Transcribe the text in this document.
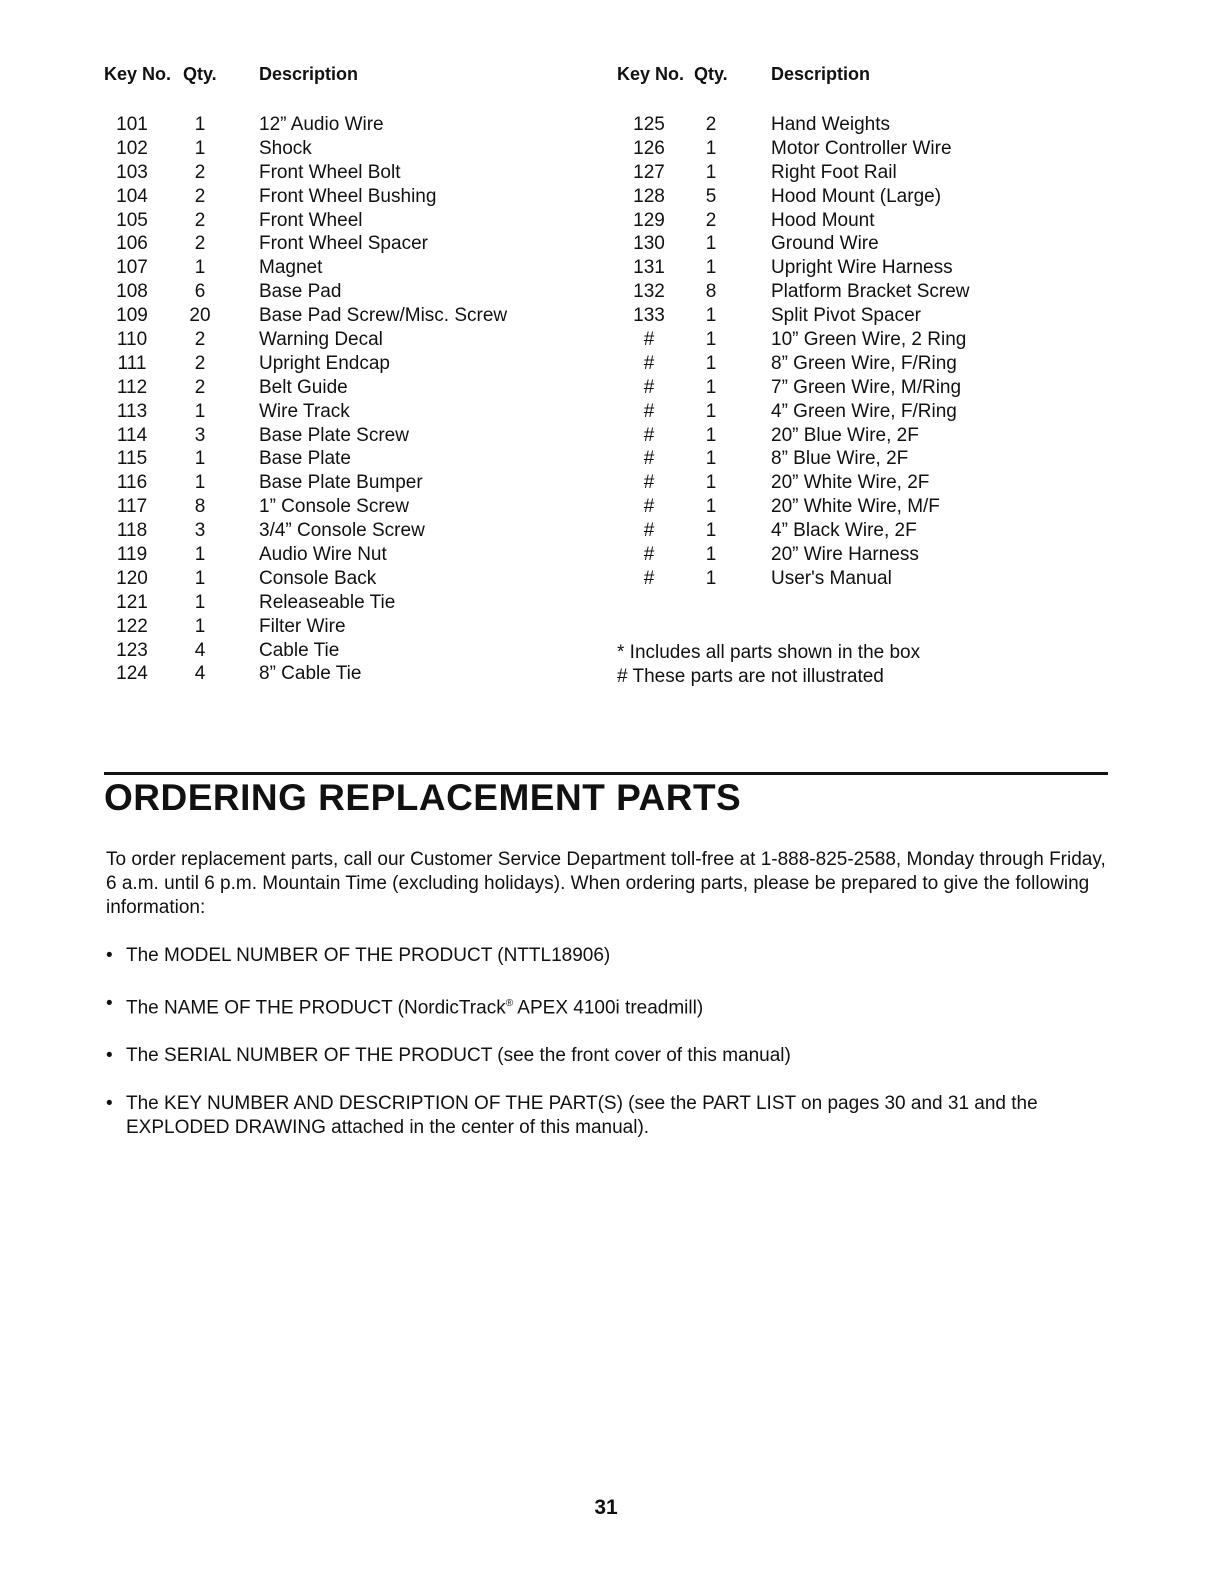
Key No. Qty. Description
101	1	12” Audio Wire
102	1	Shock
103	2	Front Wheel Bolt
104	2	Front Wheel Bushing
105	2	Front Wheel
106	2	Front Wheel Spacer
107	1	Magnet
108	6	Base Pad
109	20	Base Pad Screw/Misc. Screw
110	2	Warning Decal
111	2	Upright Endcap
112	2	Belt Guide
113	1	Wire Track
114	3	Base Plate Screw
115	1	Base Plate
116	1	Base Plate Bumper
117	8	1” Console Screw
118	3	3/4” Console Screw
119	1	Audio Wire Nut
120	1	Console Back
121	1	Releaseable Tie
122	1	Filter Wire
123	4	Cable Tie
124	4	8” Cable Tie
Key No. Qty. Description
125	2	Hand Weights
126	1	Motor Controller Wire
127	1	Right Foot Rail
128	5	Hood Mount (Large)
129	2	Hood Mount
130	1	Ground Wire
131	1	Upright Wire Harness
132	8	Platform Bracket Screw
133	1	Split Pivot Spacer
#	1	10” Green Wire, 2 Ring
#	1	8” Green Wire, F/Ring
#	1	7” Green Wire, M/Ring
#	1	4” Green Wire, F/Ring
#	1	20” Blue Wire, 2F
#	1	8” Blue Wire, 2F
#	1	20” White Wire, 2F
#	1	20” White Wire, M/F
#	1	4” Black Wire, 2F
#	1	20” Wire Harness
#	1	User's Manual
* Includes all parts shown in the box
# These parts are not illustrated
ORDERING REPLACEMENT PARTS

To order replacement parts, call our Customer Service Department toll-free at 1-888-825-2588, Monday through Friday, 6 a.m. until 6 p.m. Mountain Time (excluding holidays). When ordering parts, please be prepared to give the following information:

• The MODEL NUMBER OF THE PRODUCT (NTTL18906)
• The NAME OF THE PRODUCT (NordicTrack® APEX 4100i treadmill)
• The SERIAL NUMBER OF THE PRODUCT (see the front cover of this manual)
• The KEY NUMBER AND DESCRIPTION OF THE PART(S) (see the PART LIST on pages 30 and 31 and the EXPLODED DRAWING attached in the center of this manual).
31
